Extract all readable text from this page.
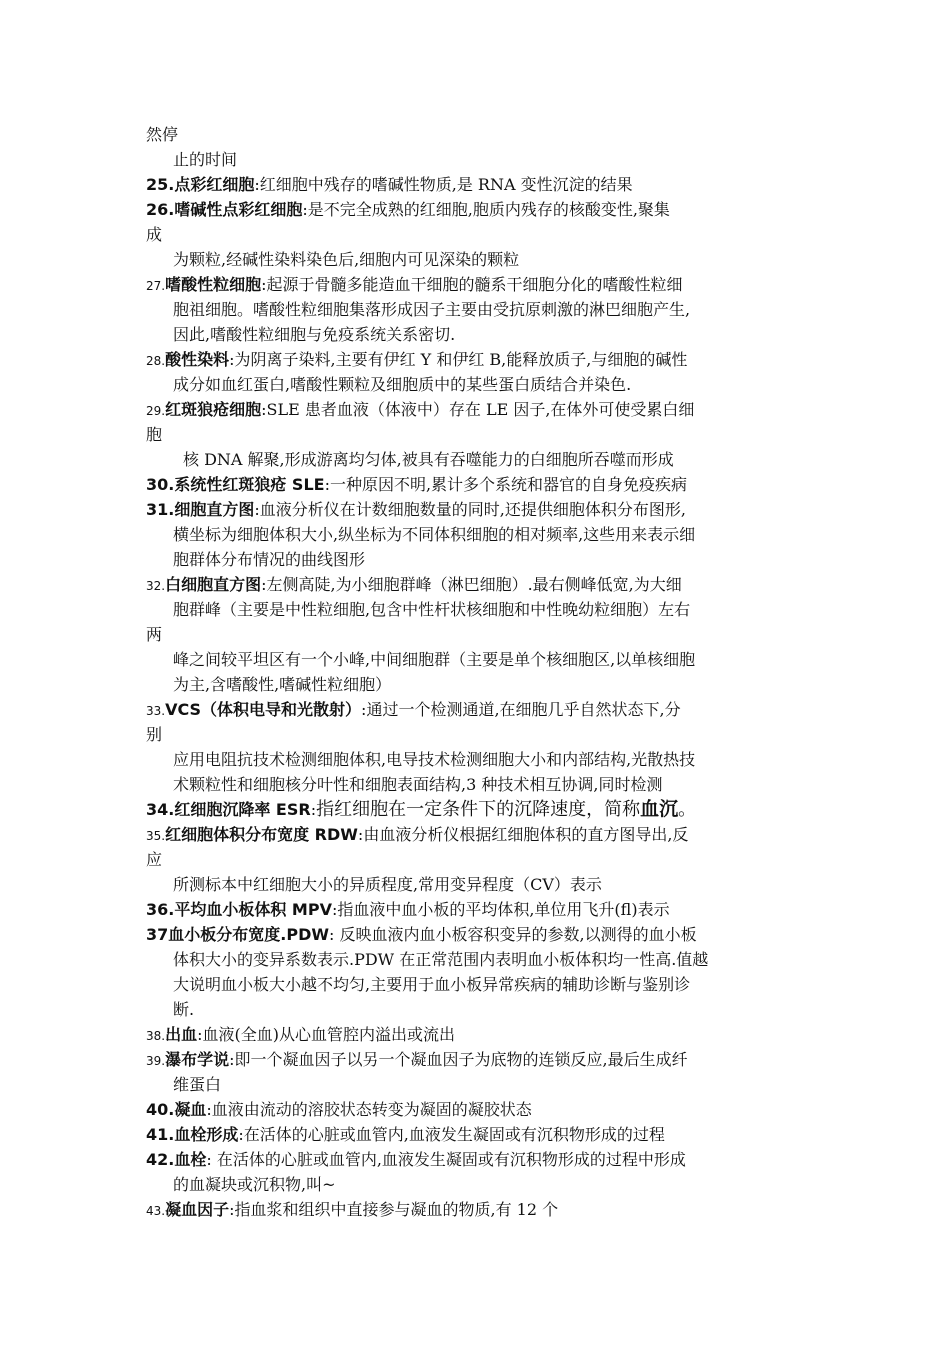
然停
止的时间
25.点彩红细胞:红细胞中残存的嗜碱性物质,是 RNA 变性沉淀的结果
26.嗜碱性点彩红细胞:是不完全成熟的红细胞,胞质内残存的核酸变性,聚集
成
为颗粒,经碱性染料染色后,细胞内可见深染的颗粒
27.嗜酸性粒细胞:起源于骨髓多能造血干细胞的髓系干细胞分化的嗜酸性粒细
胞祖细胞。嗜酸性粒细胞集落形成因子主要由受抗原刺激的淋巴细胞产生,
因此,嗜酸性粒细胞与免疫系统关系密切.
28.酸性染料:为阴离子染料,主要有伊红 Y 和伊红 B,能释放质子,与细胞的碱性
成分如血红蛋白,嗜酸性颗粒及细胞质中的某些蛋白质结合并染色.
29.红斑狼疮细胞:SLE 患者血液（体液中）存在 LE 因子,在体外可使受累白细
胞
核 DNA 解聚,形成游离均匀体,被具有吞噬能力的白细胞所吞噬而形成
30.系统性红斑狼疮 SLE:一种原因不明,累计多个系统和器官的自身免疫疾病
31.细胞直方图:血液分析仪在计数细胞数量的同时,还提供细胞体积分布图形,
横坐标为细胞体积大小,纵坐标为不同体积细胞的相对频率,这些用来表示细
胞群体分布情况的曲线图形
32.白细胞直方图:左侧高陡,为小细胞群峰（淋巴细胞）.最右侧峰低宽,为大细
胞群峰（主要是中性粒细胞,包含中性杆状核细胞和中性晚幼粒细胞）左右
两
峰之间较平坦区有一个小峰,中间细胞群（主要是单个核细胞区,以单核细胞
为主,含嗜酸性,嗜碱性粒细胞）
33.VCS（体积电导和光散射）:通过一个检测通道,在细胞几乎自然状态下,分
别
应用电阻抗技术检测细胞体积,电导技术检测细胞大小和内部结构,光散热技
术颗粒性和细胞核分叶性和细胞表面结构,3 种技术相互协调,同时检测
34.红细胞沉降率 ESR:指红细胞在一定条件下的沉降速度，简称血沉。
35.红细胞体积分布宽度 RDW:由血液分析仪根据红细胞体积的直方图导出,反
应
所测标本中红细胞大小的异质程度,常用变异程度（CV）表示
36.平均血小板体积 MPV:指血液中血小板的平均体积,单位用飞升(fl)表示
37血小板分布宽度.PDW: 反映血液内血小板容积变异的参数,以测得的血小板
体积大小的变异系数表示.PDW 在正常范围内表明血小板体积均一性高.值越
大说明血小板大小越不均匀,主要用于血小板异常疾病的辅助诊断与鉴别诊
断.
38.出血:血液(全血)从心血管腔内溢出或流出
39.瀑布学说:即一个凝血因子以另一个凝血因子为底物的连锁反应,最后生成纤
维蛋白
40.凝血:血液由流动的溶胶状态转变为凝固的凝胶状态
41.血栓形成:在活体的心脏或血管内,血液发生凝固或有沉积物形成的过程
42.血栓: 在活体的心脏或血管内,血液发生凝固或有沉积物形成的过程中形成
的血凝块或沉积物,叫~
43.凝血因子:指血浆和组织中直接参与凝血的物质,有 12 个
